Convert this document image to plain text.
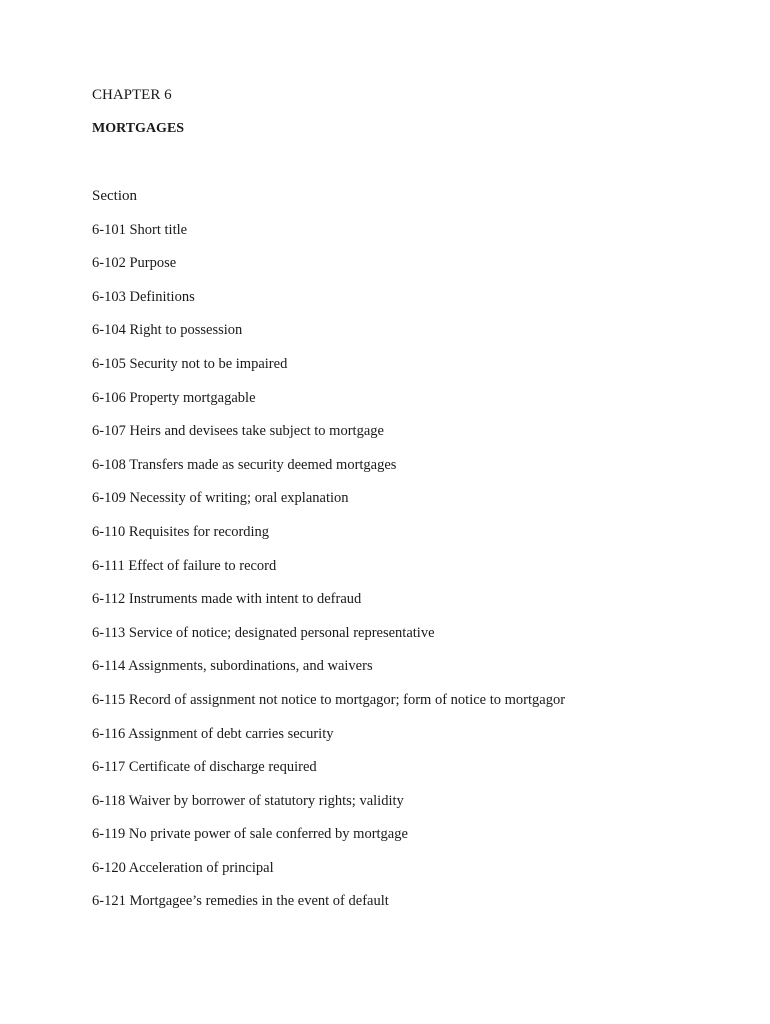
CHAPTER 6
MORTGAGES
Section
6-101 Short title
6-102 Purpose
6-103 Definitions
6-104 Right to possession
6-105 Security not to be impaired
6-106 Property mortgagable
6-107 Heirs and devisees take subject to mortgage
6-108 Transfers made as security deemed mortgages
6-109 Necessity of writing; oral explanation
6-110 Requisites for recording
6-111 Effect of failure to record
6-112 Instruments made with intent to defraud
6-113 Service of notice; designated personal representative
6-114 Assignments, subordinations, and waivers
6-115 Record of assignment not notice to mortgagor; form of notice to mortgagor
6-116 Assignment of debt carries security
6-117 Certificate of discharge required
6-118 Waiver by borrower of statutory rights; validity
6-119 No private power of sale conferred by mortgage
6-120 Acceleration of principal
6-121 Mortgagee’s remedies in the event of default
